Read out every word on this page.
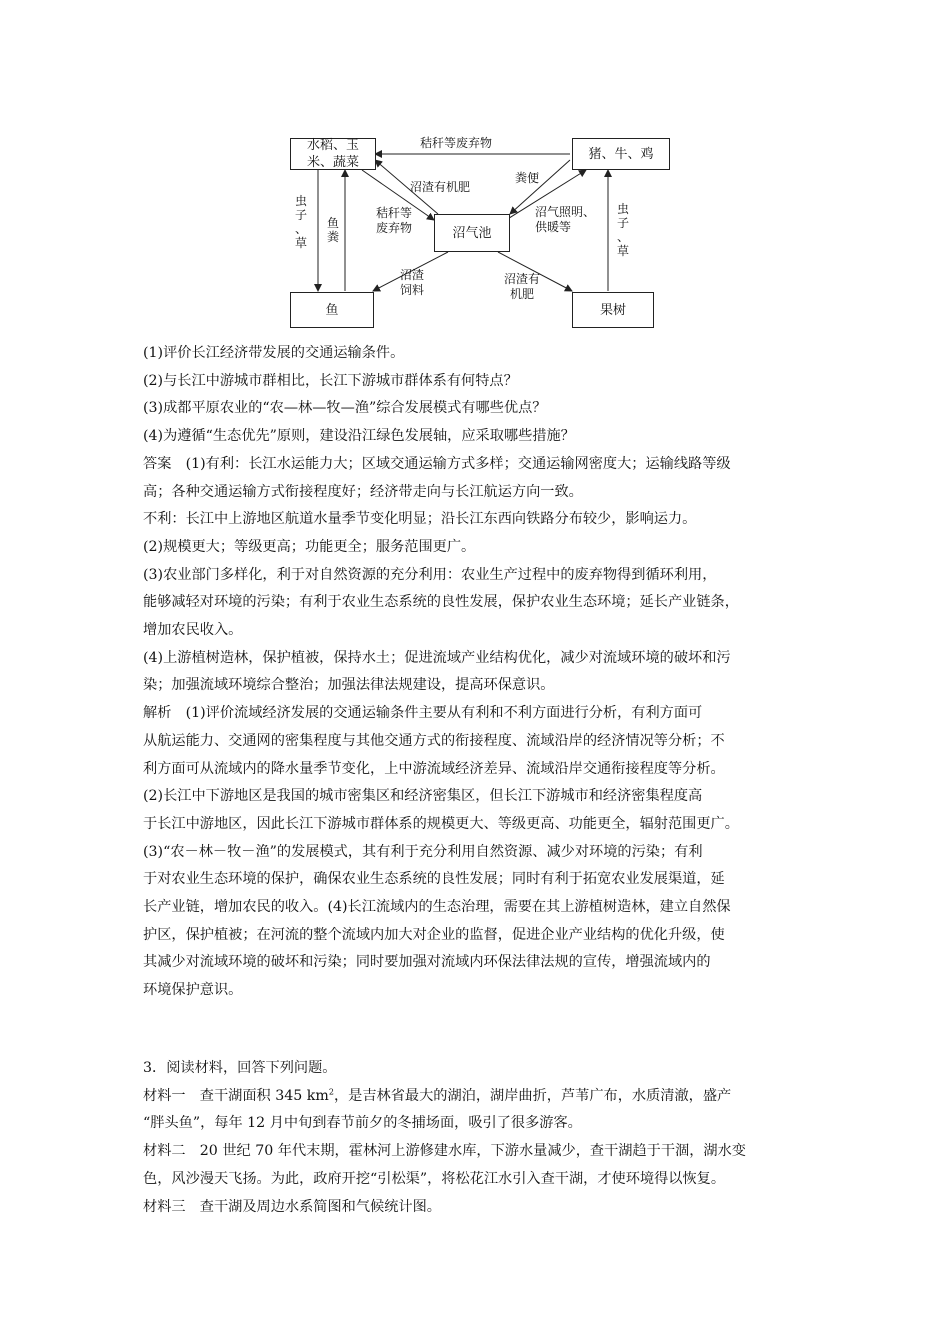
水稻、玉
米、蔬菜
猪、牛、鸡
沼气池
鱼	果树
秸秆等废弃物
粪便
沼渣有机肥
秸秆等
废弃物
沼气照明、
供暖等
沼渣
饲料
沼渣有
机肥
虫
子
、
草
鱼
粪
虫
子
、
草

(1)评价长江经济带发展的交通运输条件。

(2)与长江中游城市群相比，长江下游城市群体系有何特点？

(3)成都平原农业的“农—林—牧—渔”综合发展模式有哪些优点？

(4)为遵循“生态优先”原则，建设沿江绿色发展轴，应采取哪些措施？

答案　(1)有利：长江水运能力大；区域交通运输方式多样；交通运输网密度大；运输线路等级

高；各种交通运输方式衔接程度好；经济带走向与长江航运方向一致。

不利：长江中上游地区航道水量季节变化明显；沿长江东西向铁路分布较少，影响运力。

(2)规模更大；等级更高；功能更全；服务范围更广。

(3)农业部门多样化，利于对自然资源的充分利用：农业生产过程中的废弃物得到循环利用，

能够减轻对环境的污染；有利于农业生态系统的良性发展，保护农业生态环境；延长产业链条，

增加农民收入。

(4)上游植树造林，保护植被，保持水土；促进流域产业结构优化，减少对流域环境的破坏和污

染；加强流域环境综合整治；加强法律法规建设，提高环保意识。

解析　(1)评价流域经济发展的交通运输条件主要从有利和不利方面进行分析，有利方面可

从航运能力、交通网的密集程度与其他交通方式的衔接程度、流域沿岸的经济情况等分析；不

利方面可从流域内的降水量季节变化，上中游流域经济差异、流域沿岸交通衔接程度等分析。

(2)长江中下游地区是我国的城市密集区和经济密集区，但长江下游城市和经济密集程度高

于长江中游地区，因此长江下游城市群体系的规模更大、等级更高、功能更全，辐射范围更广。

(3)“农－林－牧－渔”的发展模式，其有利于充分利用自然资源、减少对环境的污染；有利

于对农业生态环境的保护，确保农业生态系统的良性发展；同时有利于拓宽农业发展渠道，延

长产业链，增加农民的收入。(4)长江流域内的生态治理，需要在其上游植树造林，建立自然保

护区，保护植被；在河流的整个流域内加大对企业的监督，促进企业产业结构的优化升级，使

其减少对流域环境的破坏和污染；同时要加强对流域内环保法律法规的宣传，增强流域内的

环境保护意识。

3．阅读材料，回答下列问题。

材料一　查干湖面积 345 $km^2$，是吉林省最大的湖泊，湖岸曲折，芦苇广布，水质清澈，盛产

“胖头鱼”，每年 12 月中旬到春节前夕的冬捕场面，吸引了很多游客。

材料二　20 世纪 70 年代末期，霍林河上游修建水库，下游水量减少，查干湖趋于干涸，湖水变

色，风沙漫天飞扬。为此，政府开挖“引松渠”，将松花江水引入查干湖，才使环境得以恢复。

材料三　查干湖及周边水系简图和气候统计图。
